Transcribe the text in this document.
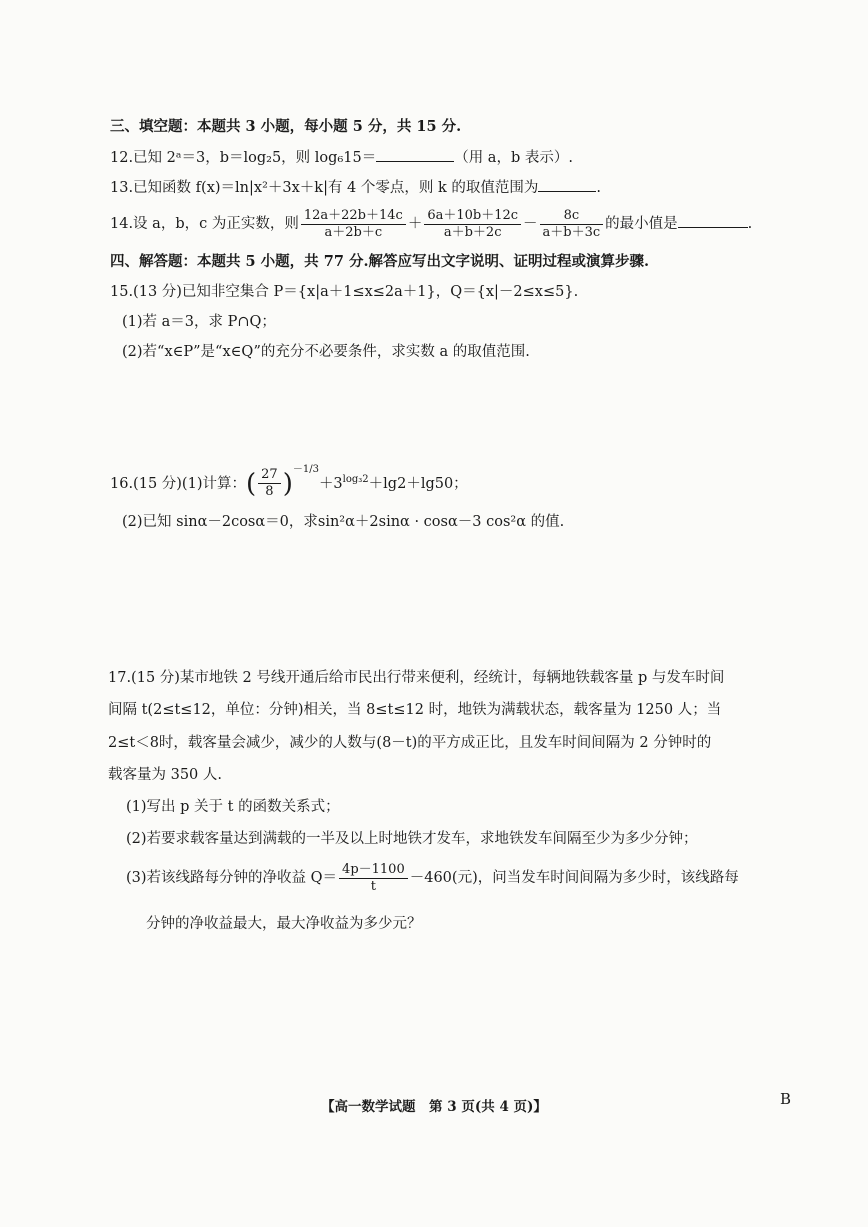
三、填空题：本题共 3 小题，每小题 5 分，共 15 分.
12.已知 2ᵃ＝3，b＝log₂5，则 log₆15＝	（用 a，b 表示）.
13.已知函数 f(x)＝ln|x²＋3x＋k|有 4 个零点，则 k 的取值范围为	.
14.设 a，b，c 为正实数，则 $\frac{12a+22b+14c}{a+2b+c} + \frac{6a+10b+12c}{a+b+2c} - \frac{8c}{a+b+3c}$ 的最小值是	.
四、解答题：本题共 5 小题，共 77 分.解答应写出文字说明、证明过程或演算步骤.
15.(13 分)已知非空集合 P＝{x|a＋1≤x≤2a＋1}，Q＝{x|－2≤x≤5}.
(1)若 a＝3，求 P∩Q；
(2)若“x∈P”是“x∈Q”的充分不必要条件，求实数 a 的取值范围.
16.(15 分)(1)计算：( $\frac{27}{8} )^{-1/3}+3^{log_32}+\lg 2+\lg 50$；
(2)已知 sinα－2cosα＝0，求sin²α＋2sinα · cosα－3 cos²α 的值.
17.(15 分)某市地铁 2 号线开通后给市民出行带来便利，经统计，每辆地铁载客量 p 与发车时间
间隔 t(2≤t≤12，单位：分钟)相关，当 8≤t≤12 时，地铁为满载状态，载客量为 1250 人；当
2≤t＜8时，载客量会减少，减少的人数与(8－t)的平方成正比，且发车时间间隔为 2 分钟时的
载客量为 350 人.
(1)写出 p 关于 t 的函数关系式；
(2)若要求载客量达到满载的一半及以上时地铁才发车，求地铁发车间隔至少为多少分钟；
(3)若该线路每分钟的净收益 $Q= \frac{4p-1100}{t} -460$(元)，问当发车时间间隔为多少时，该线路每
分钟的净收益最大，最大净收益为多少元？
【高一数学试题　第 3 页(共 4 页)】	B
